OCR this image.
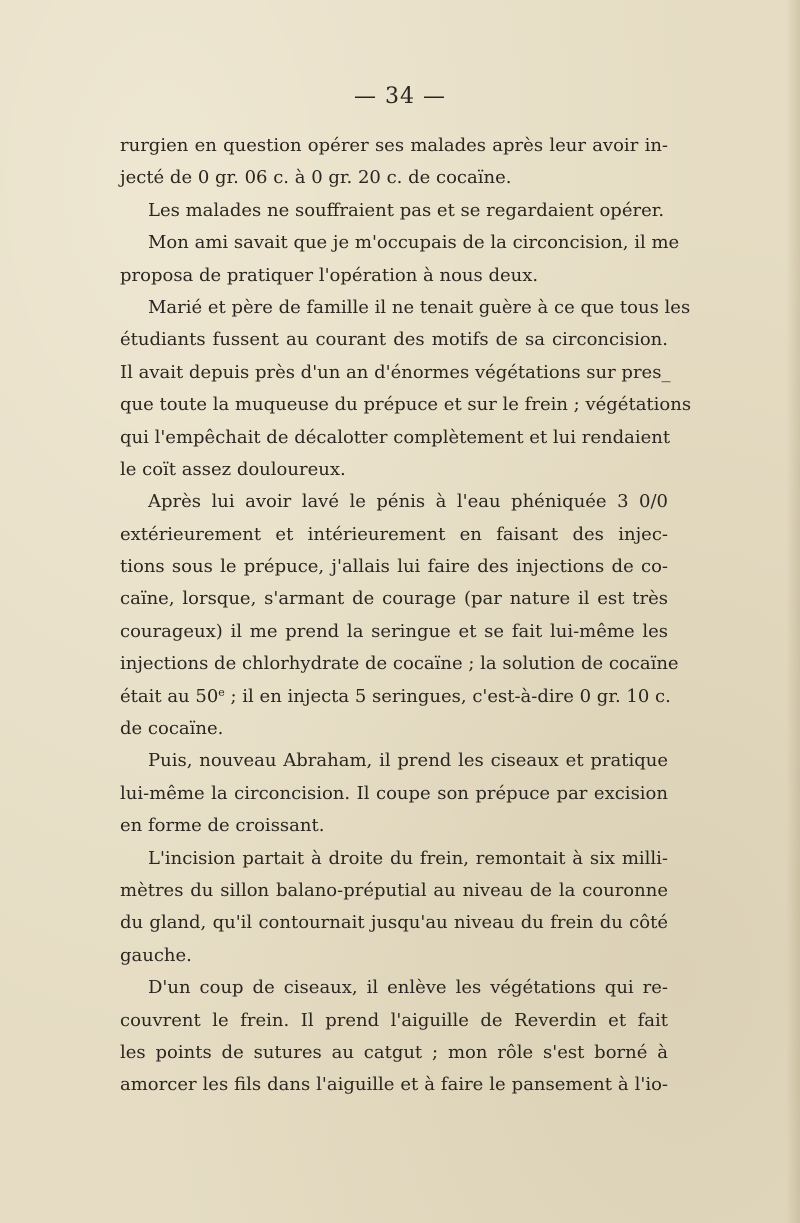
— 34 —
rurgien en question opérer ses malades après leur avoir in-
jecté de 0 gr. 06 c. à 0 gr. 20 c. de cocaïne.
Les malades ne souffraient pas et se regardaient opérer.
Mon ami savait que je m'occupais de la circoncision, il me
proposa de pratiquer l'opération à nous deux.
Marié et père de famille il ne tenait guère à ce que tous les
étudiants fussent au courant des motifs de sa circoncision.
Il avait depuis près d'un an d'énormes végétations sur pres_
que toute la muqueuse du prépuce et sur le frein ; végétations
qui l'empêchait de décalotter complètement et lui rendaient
le coït assez douloureux.
Après lui avoir lavé le pénis à l'eau phéniquée 3 0/0
extérieurement et intérieurement en faisant des injec-
tions sous le prépuce, j'allais lui faire des injections de co-
caïne, lorsque, s'armant de courage (par nature il est très
courageux) il me prend la seringue et se fait lui-même les
injections de chlorhydrate de cocaïne ; la solution de cocaïne
était au 50e ; il en injecta 5 seringues, c'est-à-dire 0 gr. 10 c.
de cocaïne.
Puis, nouveau Abraham, il prend les ciseaux et pratique
lui-même la circoncision. Il coupe son prépuce par excision
en forme de croissant.
L'incision partait à droite du frein, remontait à six milli-
mètres du sillon balano-préputial au niveau de la couronne
du gland, qu'il contournait jusqu'au niveau du frein du côté
gauche.
D'un coup de ciseaux, il enlève les végétations qui re-
couvrent le frein. Il prend l'aiguille de Reverdin et fait
les points de sutures au catgut ; mon rôle s'est borné à
amorcer les fils dans l'aiguille et à faire le pansement à l'io-
